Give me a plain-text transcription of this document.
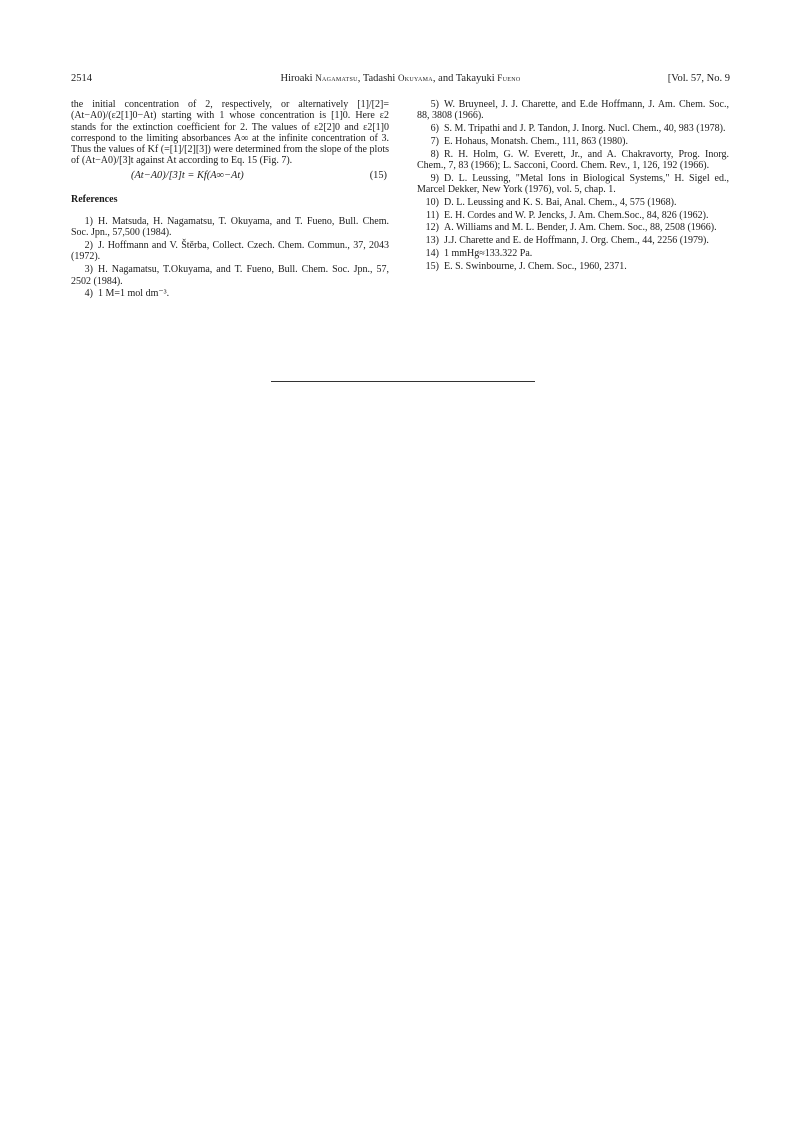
2514	Hiroaki Nagamatsu, Tadashi Okuyama, and Takayuki Fueno	[Vol. 57, No. 9

the initial concentration of 2, respectively, or alternatively [1]/[2]=(At−A0)/(ε2[1]0−At) starting with 1 whose concentration is [1]0. Here ε2 stands for the extinction coefficient for 2. The values of ε2[2]0 and ε2[1]0 correspond to the limiting absorbances A∞ at the infinite concentration of 3. Thus the values of Kf (=[1]/[2][3]) were determined from the slope of the plots of (At−A0)/[3]t against At according to Eq. 15 (Fig. 7).

(At−A0)/[3]t = Kf(A∞−At)	(15)
References
1) H. Matsuda, H. Nagamatsu, T. Okuyama, and T. Fueno, Bull. Chem. Soc. Jpn., 57,500 (1984).
2) J. Hoffmann and V. Štěrba, Collect. Czech. Chem. Commun., 37, 2043 (1972).
3) H. Nagamatsu, T.Okuyama, and T. Fueno, Bull. Chem. Soc. Jpn., 57, 2502 (1984).
4) 1 M=1 mol dm⁻³.
5) W. Bruyneel, J. J. Charette, and E.de Hoffmann, J. Am. Chem. Soc., 88, 3808 (1966).
6) S. M. Tripathi and J. P. Tandon, J. Inorg. Nucl. Chem., 40, 983 (1978).
7) E. Hohaus, Monatsh. Chem., 111, 863 (1980).
8) R. H. Holm, G. W. Everett, Jr., and A. Chakravorty, Prog. Inorg. Chem., 7, 83 (1966); L. Sacconi, Coord. Chem. Rev., 1, 126, 192 (1966).
9) D. L. Leussing, "Metal Ions in Biological Systems," H. Sigel ed., Marcel Dekker, New York (1976), vol. 5, chap. 1.
10) D. L. Leussing and K. S. Bai, Anal. Chem., 4, 575 (1968).
11) E. H. Cordes and W. P. Jencks, J. Am. Chem.Soc., 84, 826 (1962).
12) A. Williams and M. L. Bender, J. Am. Chem. Soc., 88, 2508 (1966).
13) J.J. Charette and E. de Hoffmann, J. Org. Chem., 44, 2256 (1979).
14) 1 mmHg≈133.322 Pa.
15) E. S. Swinbourne, J. Chem. Soc., 1960, 2371.
